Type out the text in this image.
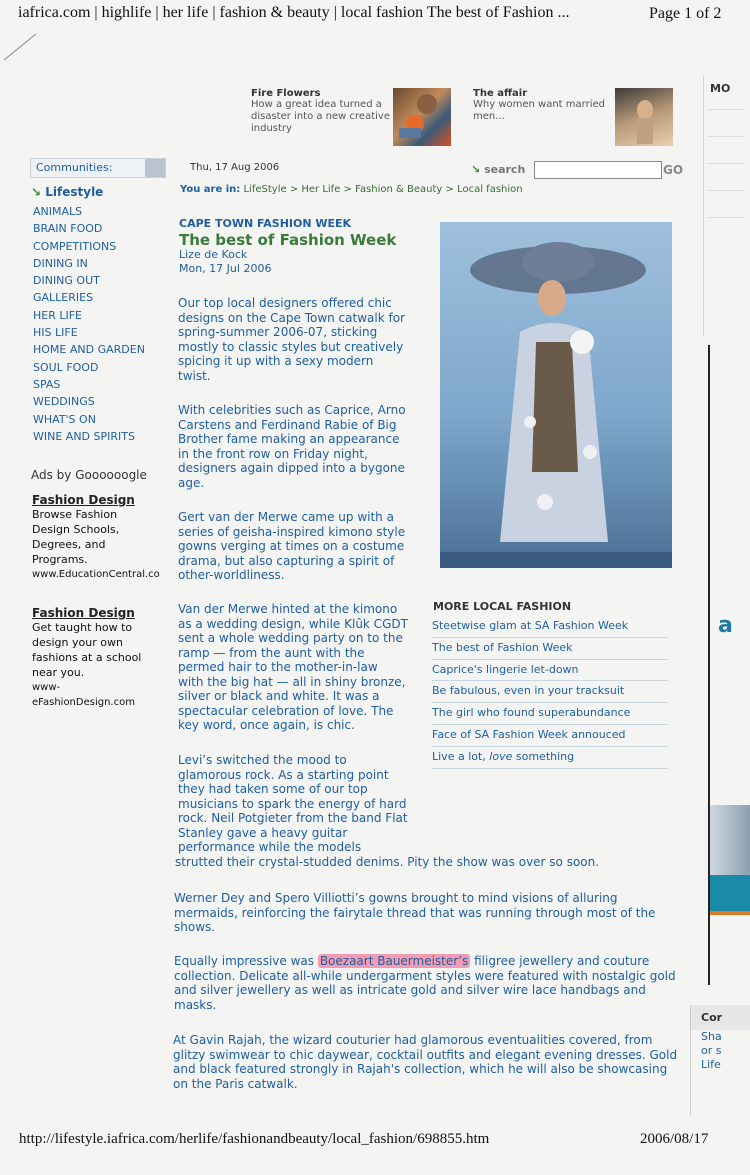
iafrica.com | highlife | her life | fashion & beauty | local fashion The best of Fashion ...	Page 1 of 2
Fire Flowers
How a great idea turned a
disaster into a new creative
industry
The affair
Why women want married
men...
MO
a
Cor
Sha
or s
Life
Communities:
↘ Lifestyle
ANIMALS
BRAIN FOOD
COMPETITIONS
DINING IN
DINING OUT
GALLERIES
HER LIFE
HIS LIFE
HOME AND GARDEN
SOUL FOOD
SPAS
WEDDINGS
WHAT'S ON
WINE AND SPIRITS
Ads by Goooooogle
Fashion Design
Browse Fashion
Design Schools,
Degrees, and
Programs.
www.EducationCentral.co
Fashion Design
Get taught how to
design your own
fashions at a school
near you.
www-
eFashionDesign.com
Thu, 17 Aug 2006	↘ search	GO
You are in: LifeStyle > Her Life > Fashion & Beauty > Local fashion
CAPE TOWN FASHION WEEK
The best of Fashion Week
Lize de Kock
Mon, 17 Jul 2006

Our top local designers offered chic

designs on the Cape Town catwalk for

spring-summer 2006-07, sticking

mostly to classic styles but creatively

spicing it up with a sexy modern

twist.

With celebrities such as Caprice, Arno

Carstens and Ferdinand Rabie of Big

Brother fame making an appearance

in the front row on Friday night,

designers again dipped into a bygone

age.

Gert van der Merwe came up with a

series of geisha-inspired kimono style

gowns verging at times on a costume

drama, but also capturing a spirit of

other-worldliness.

Van der Merwe hinted at the kimono

as a wedding design, while Klûk CGDT

sent a whole wedding party on to the

ramp — from the aunt with the

permed hair to the mother-in-law

with the big hat — all in shiny bronze,

silver or black and white. It was a

spectacular celebration of love. The

key word, once again, is chic.

Levi’s switched the mood to

glamorous rock. As a starting point

they had taken some of our top

musicians to spark the energy of hard

rock. Neil Potgieter from the band Flat

Stanley gave a heavy guitar

performance while the models

strutted their crystal-studded denims. Pity the show was over so soon.

Werner Dey and Spero Villiotti’s gowns brought to mind visions of alluring

mermaids, reinforcing the fairytale thread that was running through most of the

shows.

Equally impressive was Boezaart Bauermeister’s filigree jewellery and couture

collection. Delicate all-while undergarment styles were featured with nostalgic gold

and silver jewellery as well as intricate gold and silver wire lace handbags and

masks.

At Gavin Rajah, the wizard couturier had glamorous eventualities covered, from

glitzy swimwear to chic daywear, cocktail outfits and elegant evening dresses. Gold

and black featured strongly in Rajah's collection, which he will also be showcasing

on the Paris catwalk.

MORE LOCAL FASHION
Steetwise glam at SA Fashion Week
The best of Fashion Week
Caprice's lingerie let-down
Be fabulous, even in your tracksuit
The girl who found superabundance
Face of SA Fashion Week annouced
Live a lot, love something
http://lifestyle.iafrica.com/herlife/fashionandbeauty/local_fashion/698855.htm	2006/08/17
